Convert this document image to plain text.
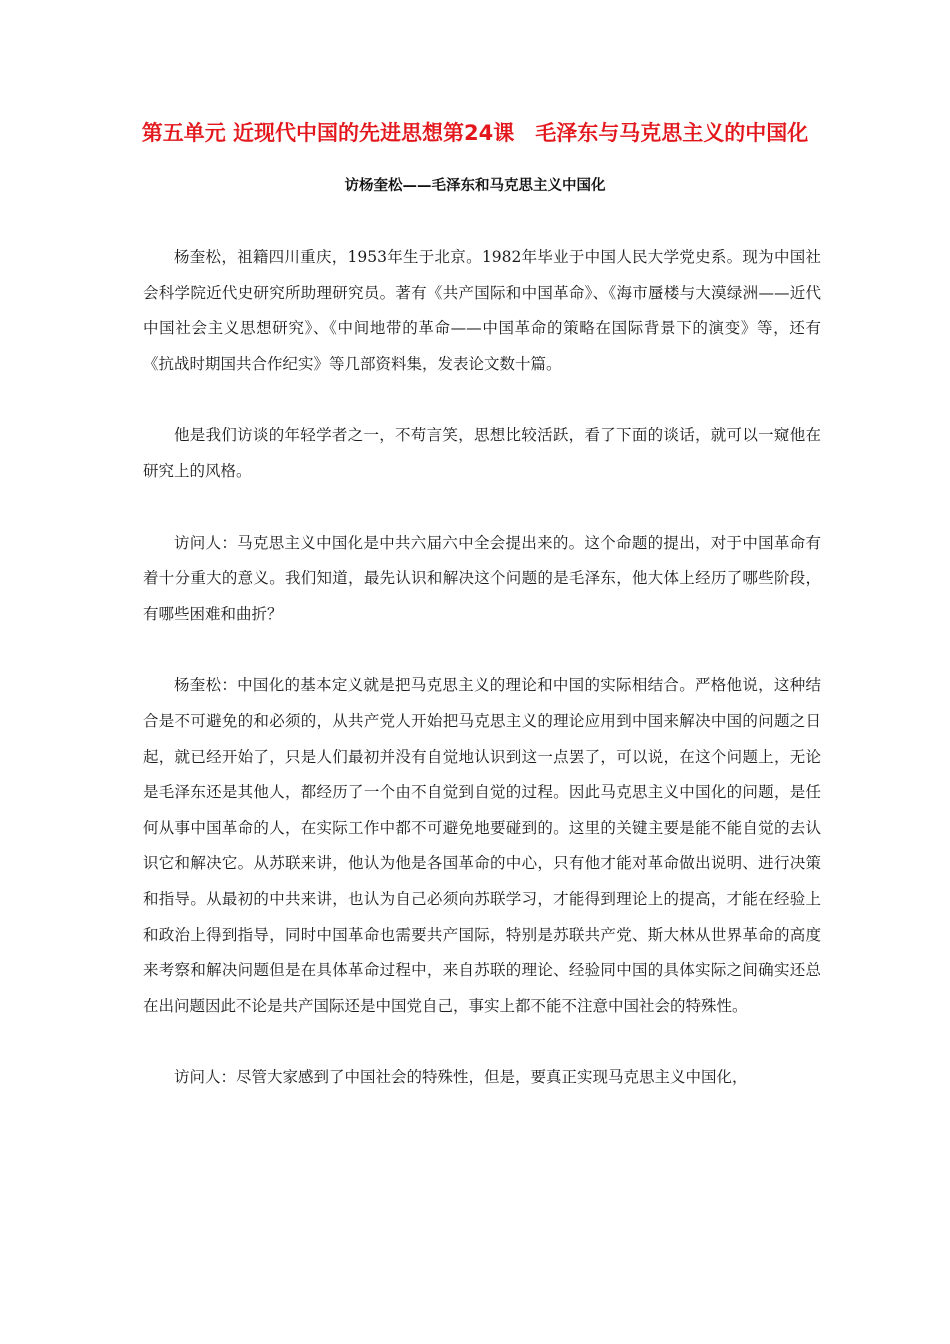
第五单元 近现代中国的先进思想第24课　毛泽东与马克思主义的中国化
访杨奎松——毛泽东和马克思主义中国化

杨奎松，祖籍四川重庆，1953年生于北京。1982年毕业于中国人民大学党史系。现为中国社会科学院近代史研究所助理研究员。著有《共产国际和中国革命》、《海市蜃楼与大漠绿洲——近代中国社会主义思想研究》、《中间地带的革命——中国革命的策略在国际背景下的演变》等，还有《抗战时期国共合作纪实》等几部资料集，发表论文数十篇。

他是我们访谈的年轻学者之一，不苟言笑，思想比较活跃，看了下面的谈话，就可以一窥他在研究上的风格。

访问人：马克思主义中国化是中共六届六中全会提出来的。这个命题的提出，对于中国革命有着十分重大的意义。我们知道，最先认识和解决这个问题的是毛泽东，他大体上经历了哪些阶段，有哪些困难和曲折？

杨奎松：中国化的基本定义就是把马克思主义的理论和中国的实际相结合。严格他说，这种结合是不可避免的和必须的，从共产党人开始把马克思主义的理论应用到中国来解决中国的问题之日起，就已经开始了，只是人们最初并没有自觉地认识到这一点罢了，可以说，在这个问题上，无论是毛泽东还是其他人，都经历了一个由不自觉到自觉的过程。因此马克思主义中国化的问题，是任何从事中国革命的人，在实际工作中都不可避免地要碰到的。这里的关键主要是能不能自觉的去认识它和解决它。从苏联来讲，他认为他是各国革命的中心，只有他才能对革命做出说明、进行决策和指导。从最初的中共来讲，也认为自己必须向苏联学习，才能得到理论上的提高，才能在经验上和政治上得到指导，同时中国革命也需要共产国际，特别是苏联共产党、斯大林从世界革命的高度来考察和解决问题但是在具体革命过程中，来自苏联的理论、经验同中国的具体实际之间确实还总在出问题因此不论是共产国际还是中国党自己，事实上都不能不注意中国社会的特殊性。

访问人：尽管大家感到了中国社会的特殊性，但是，要真正实现马克思主义中国化，
